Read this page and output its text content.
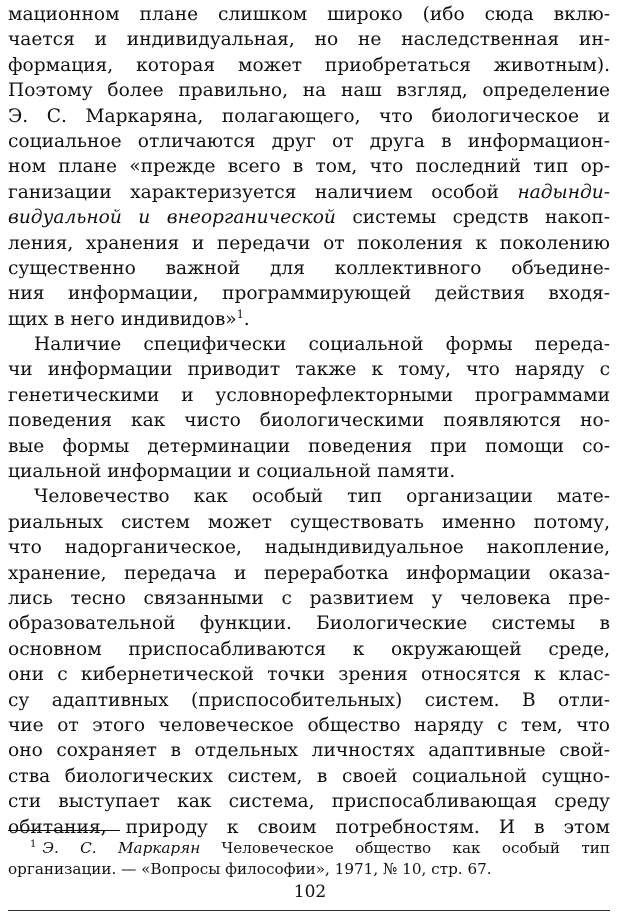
мационном плане слишком широко (ибо сюда вклю-
чается и индивидуальная, но не наследственная ин-
формация, которая может приобретаться животным).
Поэтому более правильно, на наш взгляд, определение
Э. С. Маркаряна, полагающего, что биологическое и
социальное отличаются друг от друга в информацион-
ном плане «прежде всего в том, что последний тип ор-
ганизации характеризуется наличием особой надынди-
видуальной и внеорганической системы средств накоп-
ления, хранения и передачи от поколения к поколению
существенно важной для коллективного объедине-
ния информации, программирующей действия входя-
щих в него индивидов»$^1$.
Наличие специфически социальной формы переда-
чи информации приводит также к тому, что наряду с
генетическими и условнорефлекторными программами
поведения как чисто биологическими появляются но-
вые формы детерминации поведения при помощи со-
циальной информации и социальной памяти.
Человечество как особый тип организации мате-
риальных систем может существовать именно потому,
что надорганическое, надындивидуальное накопление,
хранение, передача и переработка информации оказа-
лись тесно связанными с развитием у человека пре-
образовательной функции. Биологические системы в
основном приспосабливаются к окружающей среде,
они с кибернетической точки зрения относятся к клас-
су адаптивных (приспособительных) систем. В отли-
чие от этого человеческое общество наряду с тем, что
оно сохраняет в отдельных личностях адаптивные свой-
ства биологических систем, в своей социальной сущно-
сти выступает как система, приспосабливающая среду
обитания, природу к своим потребностям. И в этом
$^1$ Э. С. Маркарян Человеческое общество как особый тип
организации. — «Вопросы философии», 1971, № 10, стр. 67.
102
